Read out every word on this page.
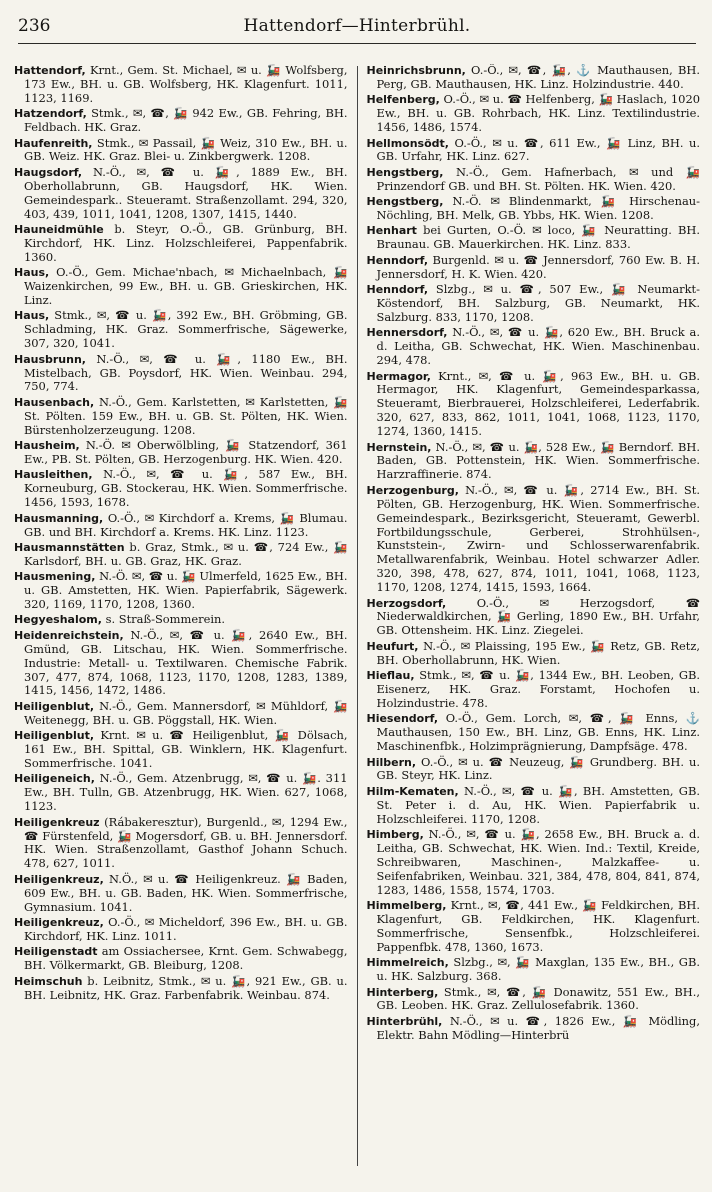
236	Hattendorf—Hinterbrühl.

Hattendorf, Krnt., Gem. St. Michael, ✉ u. 🚂 Wolfsberg, 173 Ew., BH. u. GB. Wolfsberg, HK. Klagenfurt. 1011, 1123, 1169.

Hatzendorf, Stmk., ✉, ☎, 🚂 942 Ew., GB. Fehring, BH. Feldbach. HK. Graz.

Haufenreith, Stmk., ✉ Passail, 🚂 Weiz, 310 Ew., BH. u. GB. Weiz. HK. Graz. Blei- u. Zinkbergwerk. 1208.

Haugsdorf, N.-Ö., ✉, ☎ u. 🚂, 1889 Ew., BH. Oberhollabrunn, GB. Haugsdorf, HK. Wien. Gemeindespark.. Steueramt. Straßenzollamt. 294, 320, 403, 439, 1011, 1041, 1208, 1307, 1415, 1440.

Hauneidmühle b. Steyr, O.-Ö., GB. Grünburg, BH. Kirchdorf, HK. Linz. Holzschleiferei, Pappenfabrik. 1360.

Haus, O.-Ö., Gem. Michae'nbach, ✉ Michaelnbach, 🚂 Waizenkirchen, 99 Ew., BH. u. GB. Grieskirchen, HK. Linz.

Haus, Stmk., ✉, ☎ u. 🚂, 392 Ew., BH. Gröbming, GB. Schladming, HK. Graz. Sommerfrische, Sägewerke, 307, 320, 1041.

Hausbrunn, N.-Ö., ✉, ☎ u. 🚂, 1180 Ew., BH. Mistelbach, GB. Poysdorf, HK. Wien. Weinbau. 294, 750, 774.

Hausenbach, N.-Ö., Gem. Karlstetten, ✉ Karlstetten, 🚂 St. Pölten. 159 Ew., BH. u. GB. St. Pölten, HK. Wien. Bürstenholzerzeugung. 1208.

Hausheim, N.-Ö. ✉ Oberwölbling, 🚂 Statzendorf, 361 Ew., PB. St. Pölten, GB. Herzogenburg. HK. Wien. 420.

Hausleithen, N.-Ö., ✉, ☎ u. 🚂, 587 Ew., BH. Korneuburg, GB. Stockerau, HK. Wien. Sommerfrische. 1456, 1593, 1678.

Hausmanning, O.-Ö., ✉ Kirchdorf a. Krems, 🚂 Blumau. GB. und BH. Kirchdorf a. Krems. HK. Linz. 1123.

Hausmannstätten b. Graz, Stmk., ✉ u. ☎, 724 Ew., 🚂 Karlsdorf, BH. u. GB. Graz, HK. Graz.

Hausmening, N.-Ö. ✉, ☎ u. 🚂 Ulmerfeld, 1625 Ew., BH. u. GB. Amstetten, HK. Wien. Papierfabrik, Sägewerk. 320, 1169, 1170, 1208, 1360.

Hegyeshalom, s. Straß-Sommerein.

Heidenreichstein, N.-Ö., ✉, ☎ u. 🚂, 2640 Ew., BH. Gmünd, GB. Litschau, HK. Wien. Sommerfrische. Industrie: Metall- u. Textilwaren. Chemische Fabrik. 307, 477, 874, 1068, 1123, 1170, 1208, 1283, 1389, 1415, 1456, 1472, 1486.

Heiligenblut, N.-Ö., Gem. Mannersdorf, ✉ Mühldorf, 🚂 Weitenegg, BH. u. GB. Pöggstall, HK. Wien.

Heiligenblut, Krnt. ✉ u. ☎ Heiligenblut, 🚂 Dölsach, 161 Ew., BH. Spittal, GB. Winklern, HK. Klagenfurt. Sommerfrische. 1041.

Heiligeneich, N.-Ö., Gem. Atzenbrugg, ✉, ☎ u. 🚂. 311 Ew., BH. Tulln, GB. Atzenbrugg, HK. Wien. 627, 1068, 1123.

Heiligenkreuz (Rábakeresztur), Burgenld., ✉, 1294 Ew., ☎ Fürstenfeld, 🚂 Mogersdorf, GB. u. BH. Jennersdorf. HK. Wien. Straßenzollamt, Gasthof Johann Schuch. 478, 627, 1011.

Heiligenkreuz, N.Ö., ✉ u. ☎ Heiligenkreuz. 🚂 Baden, 609 Ew., BH. u. GB. Baden, HK. Wien. Sommerfrische, Gymnasium. 1041.

Heiligenkreuz, O.-Ö., ✉ Micheldorf, 396 Ew., BH. u. GB. Kirchdorf, HK. Linz. 1011.

Heiligenstadt am Ossiachersee, Krnt. Gem. Schwabegg, BH. Völkermarkt, GB. Bleiburg, 1208.

Heimschuh b. Leibnitz, Stmk., ✉ u. 🚂, 921 Ew., GB. u. BH. Leibnitz, HK. Graz. Farbenfabrik. Weinbau. 874.

Heinrichsbrunn, O.-Ö., ✉, ☎, 🚂, ⚓ Mauthausen, BH. Perg, GB. Mauthausen, HK. Linz. Holzindustrie. 440.

Helfenberg, O.-Ö., ✉ u. ☎ Helfenberg, 🚂 Haslach, 1020 Ew., BH. u. GB. Rohrbach, HK. Linz. Textilindustrie. 1456, 1486, 1574.

Hellmonsödt, O.-Ö., ✉ u. ☎, 611 Ew., 🚂 Linz, BH. u. GB. Urfahr, HK. Linz. 627.

Hengstberg, N.-Ö., Gem. Hafnerbach, ✉ und 🚂 Prinzendorf GB. und BH. St. Pölten. HK. Wien. 420.

Hengstberg, N.-Ö. ✉ Blindenmarkt, 🚂 Hirschenau-Nöchling, BH. Melk, GB. Ybbs, HK. Wien. 1208.

Henhart bei Gurten, O.-Ö. ✉ loco, 🚂 Neuratting. BH. Braunau. GB. Mauerkirchen. HK. Linz. 833.

Henndorf, Burgenld. ✉ u. ☎ Jennersdorf, 760 Ew. B. H. Jennersdorf, H. K. Wien. 420.

Henndorf, Slzbg., ✉ u. ☎, 507 Ew., 🚂 Neumarkt-Köstendorf, BH. Salzburg, GB. Neumarkt, HK. Salzburg. 833, 1170, 1208.

Hennersdorf, N.-Ö., ✉, ☎ u. 🚂, 620 Ew., BH. Bruck a. d. Leitha, GB. Schwechat, HK. Wien. Maschinenbau. 294, 478.

Hermagor, Krnt., ✉, ☎ u. 🚂, 963 Ew., BH. u. GB. Hermagor, HK. Klagenfurt, Gemeindesparkassa, Steueramt, Bierbrauerei, Holzschleiferei, Lederfabrik. 320, 627, 833, 862, 1011, 1041, 1068, 1123, 1170, 1274, 1360, 1415.

Hernstein, N.-Ö., ✉, ☎ u. 🚂, 528 Ew., 🚂 Berndorf. BH. Baden, GB. Pottenstein, HK. Wien. Sommerfrische. Harzraffinerie. 874.

Herzogenburg, N.-Ö., ✉, ☎ u. 🚂, 2714 Ew., BH. St. Pölten, GB. Herzogenburg, HK. Wien. Sommerfrische. Gemeindespark., Bezirksgericht, Steueramt, Gewerbl. Fortbildungsschule, Gerberei, Strohhülsen-, Kunststein-, Zwirn- und Schlosserwarenfabrik. Metallwarenfabrik, Weinbau. Hotel schwarzer Adler. 320, 398, 478, 627, 874, 1011, 1041, 1068, 1123, 1170, 1208, 1274, 1415, 1593, 1664.

Herzogsdorf, O.-Ö., ✉ Herzogsdorf, ☎ Niederwaldkirchen, 🚂 Gerling, 1890 Ew., BH. Urfahr, GB. Ottensheim. HK. Linz. Ziegelei.

Heufurt, N.-Ö., ✉ Plaissing, 195 Ew., 🚂 Retz, GB. Retz, BH. Oberhollabrunn, HK. Wien.

Hieflau, Stmk., ✉, ☎ u. 🚂, 1344 Ew., BH. Leoben, GB. Eisenerz, HK. Graz. Forstamt, Hochofen u. Holzindustrie. 478.

Hiesendorf, O.-Ö., Gem. Lorch, ✉, ☎, 🚂 Enns, ⚓ Mauthausen, 150 Ew., BH. Linz, GB. Enns, HK. Linz. Maschinenfbk., Holzimprägnierung, Dampfsäge. 478.

Hilbern, O.-Ö., ✉ u. ☎ Neuzeug, 🚂 Grundberg. BH. u. GB. Steyr, HK. Linz.

Hilm-Kematen, N.-Ö., ✉, ☎ u. 🚂, BH. Amstetten, GB. St. Peter i. d. Au, HK. Wien. Papierfabrik u. Holzschleiferei. 1170, 1208.

Himberg, N.-Ö., ✉, ☎ u. 🚂, 2658 Ew., BH. Bruck a. d. Leitha, GB. Schwechat, HK. Wien. Ind.: Textil, Kreide, Schreibwaren, Maschinen-, Malzkaffee- u. Seifenfabriken, Weinbau. 321, 384, 478, 804, 841, 874, 1283, 1486, 1558, 1574, 1703.

Himmelberg, Krnt., ✉, ☎, 441 Ew., 🚂 Feldkirchen, BH. Klagenfurt, GB. Feldkirchen, HK. Klagenfurt. Sommerfrische, Sensenfbk., Holzschleiferei. Pappenfbk. 478, 1360, 1673.

Himmelreich, Slzbg., ✉, 🚂 Maxglan, 135 Ew., BH., GB. u. HK. Salzburg. 368.

Hinterberg, Stmk., ✉, ☎, 🚂 Donawitz, 551 Ew., BH., GB. Leoben. HK. Graz. Zellulosefabrik. 1360.

Hinterbrühl, N.-Ö., ✉ u. ☎, 1826 Ew., 🚂 Mödling, Elektr. Bahn Mödling—Hinterbrü
